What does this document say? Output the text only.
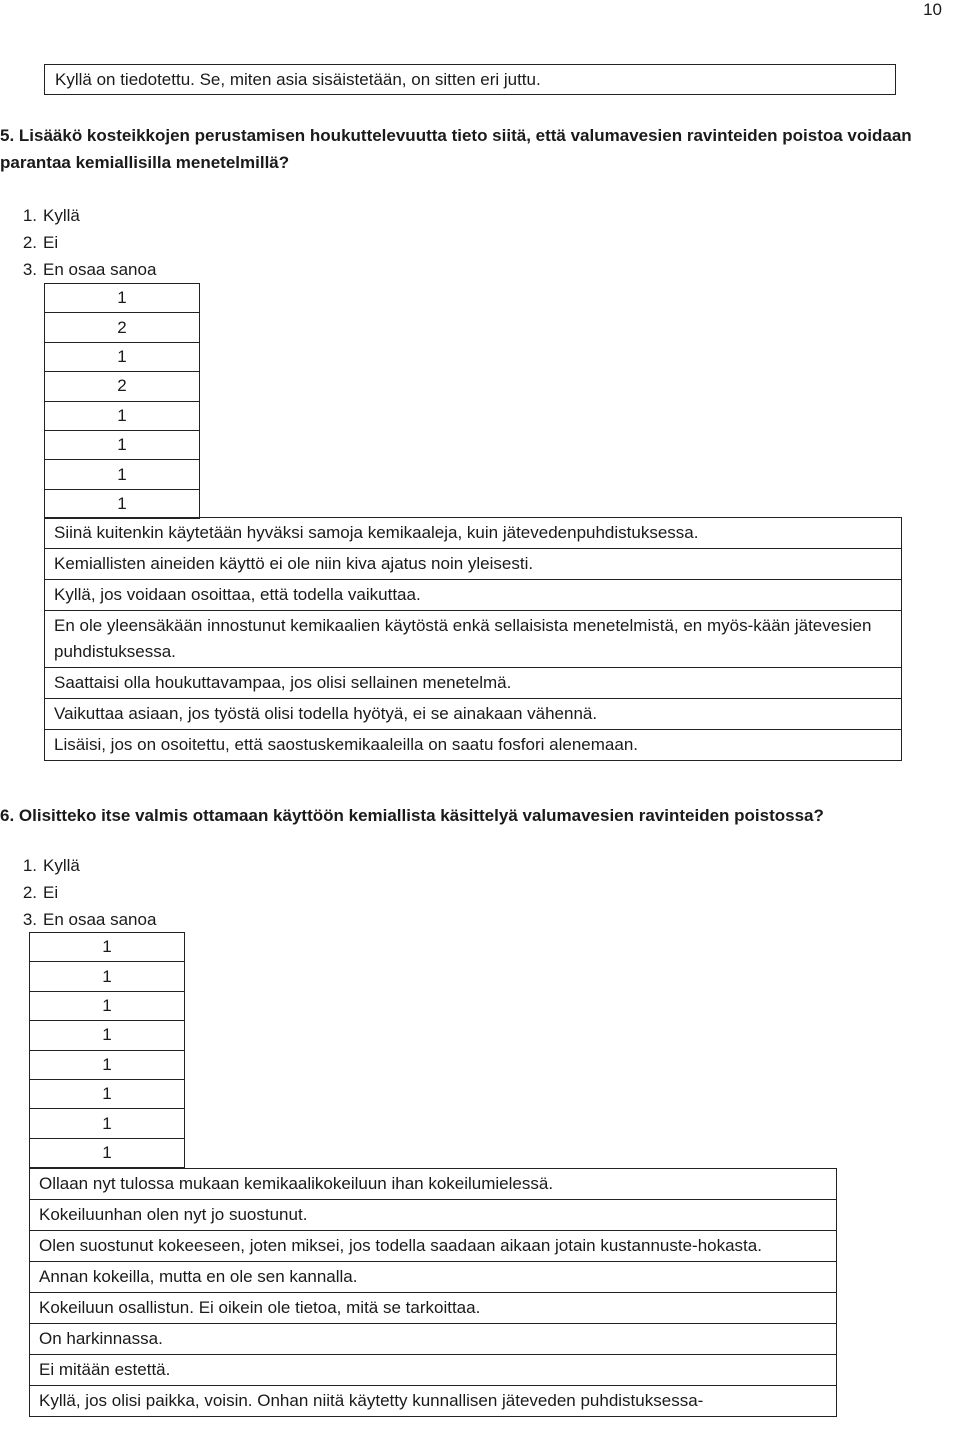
10
Kyllä on tiedotettu. Se, miten asia sisäistetään, on sitten eri juttu.
5. Lisääkö kosteikkojen perustamisen houkuttelevuutta tieto siitä, että valumavesien ravinteiden poistoa voidaan parantaa kemiallisilla menetelmillä?
1. Kyllä
2. Ei
3. En osaa sanoa
1
2
1
2
1
1
1
1
Siinä kuitenkin käytetään hyväksi samoja kemikaaleja, kuin jätevedenpuhdistuksessa.
Kemiallisten aineiden käyttö ei ole niin kiva ajatus noin yleisesti.
Kyllä, jos voidaan osoittaa, että todella vaikuttaa.
En ole yleensäkään innostunut kemikaalien käytöstä enkä sellaisista menetelmistä, en myös-kään jätevesien puhdistuksessa.
Saattaisi olla houkuttavampaa, jos olisi sellainen menetelmä.
Vaikuttaa asiaan, jos työstä olisi todella hyötyä, ei se ainakaan vähennä.
Lisäisi, jos on osoitettu, että saostuskemikaaleilla on saatu fosfori alenemaan.
6. Olisitteko itse valmis ottamaan käyttöön kemiallista käsittelyä valumavesien ravinteiden poistossa?
1. Kyllä
2. Ei
3. En osaa sanoa
1
1
1
1
1
1
1
1
Ollaan nyt tulossa mukaan kemikaalikokeiluun ihan kokeilumielessä.
Kokeiluunhan olen nyt jo suostunut.
Olen suostunut kokeeseen, joten miksei, jos todella saadaan aikaan jotain kustannuste-hokasta.
Annan kokeilla, mutta en ole sen kannalla.
Kokeiluun osallistun. Ei oikein ole tietoa, mitä se tarkoittaa.
On harkinnassa.
Ei mitään estettä.
Kyllä, jos olisi paikka, voisin. Onhan niitä käytetty kunnallisen jäteveden puhdistuksessa-
